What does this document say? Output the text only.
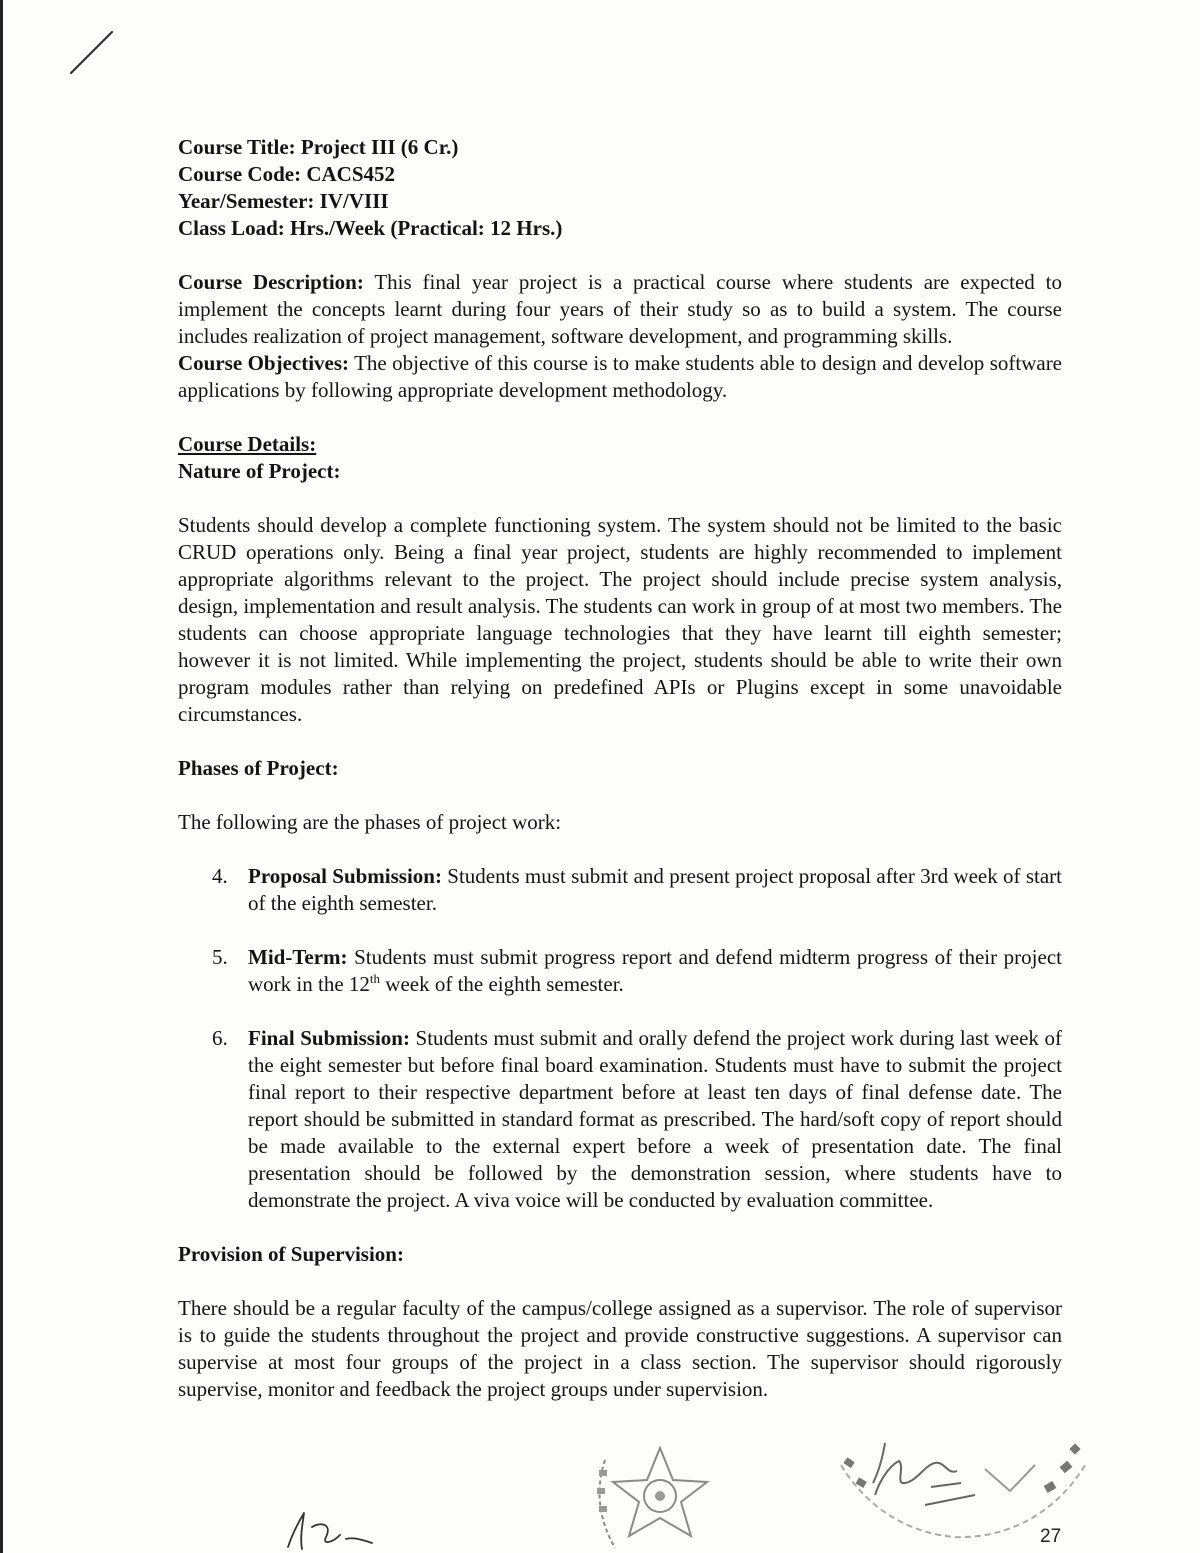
Course Title: Project III (6 Cr.)

Course Code: CACS452

Year/Semester: IV/VIII

Class Load: Hrs./Week (Practical: 12 Hrs.)

Course Description: This final year project is a practical course where students are expected to implement the concepts learnt during four years of their study so as to build a system. The course includes realization of project management, software development, and programming skills.

Course Objectives: The objective of this course is to make students able to design and develop software applications by following appropriate development methodology.

Course Details:

Nature of Project:

Students should develop a complete functioning system. The system should not be limited to the basic CRUD operations only. Being a final year project, students are highly recommended to implement appropriate algorithms relevant to the project. The project should include precise system analysis, design, implementation and result analysis. The students can work in group of at most two members. The students can choose appropriate language technologies that they have learnt till eighth semester; however it is not limited. While implementing the project, students should be able to write their own program modules rather than relying on predefined APIs or Plugins except in some unavoidable circumstances.

Phases of Project:

The following are the phases of project work:

4. Proposal Submission: Students must submit and present project proposal after 3rd week of start of the eighth semester.
5. Mid-Term: Students must submit progress report and defend midterm progress of their project work in the 12th week of the eighth semester.
6. Final Submission: Students must submit and orally defend the project work during last week of the eight semester but before final board examination. Students must have to submit the project final report to their respective department before at least ten days of final defense date. The report should be submitted in standard format as prescribed. The hard/soft copy of report should be made available to the external expert before a week of presentation date. The final presentation should be followed by the demonstration session, where students have to demonstrate the project. A viva voice will be conducted by evaluation committee.

Provision of Supervision:

There should be a regular faculty of the campus/college assigned as a supervisor. The role of supervisor is to guide the students throughout the project and provide constructive suggestions. A supervisor can supervise at most four groups of the project in a class section. The supervisor should rigorously supervise, monitor and feedback the project groups under supervision.

27
